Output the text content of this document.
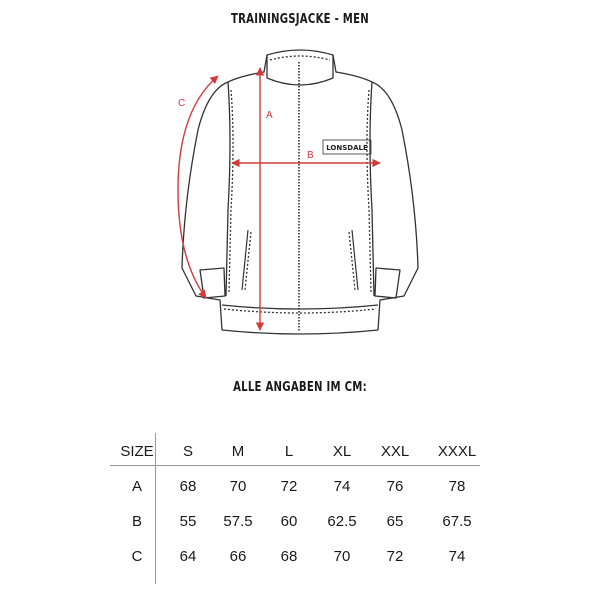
TRAININGSJACKE - MEN
LONSDALE
A
B
C
ALLE ANGABEN IM CM:
SIZE	S	M	L	XL	XXL	XXXL
A	68	70	72	74	76	78
B	55	57.5	60	62.5	65	67.5
C	64	66	68	70	72	74
